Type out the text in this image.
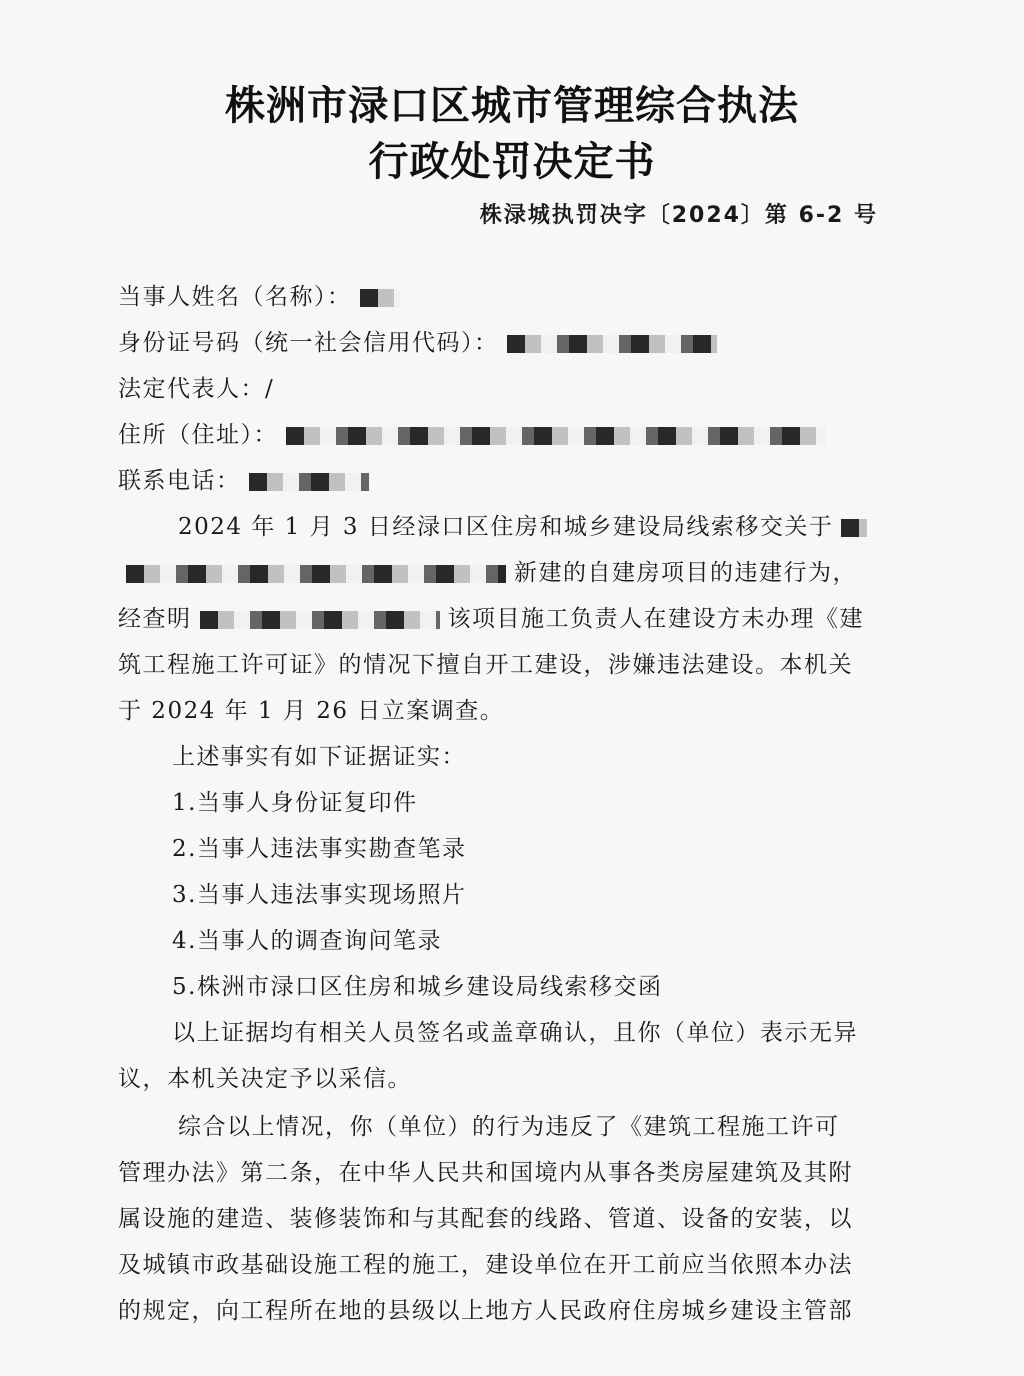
株洲市渌口区城市管理综合执法
行政处罚决定书
株渌城执罚决字〔2024〕第 6-2 号
当事人姓名（名称）：
身份证号码（统一社会信用代码）：
法定代表人：/
住所（住址）：
联系电话：
2024 年 1 月 3 日经渌口区住房和城乡建设局线索移交关于
新建的自建房项目的违建行为，
经查明	该项目施工负责人在建设方未办理《建
筑工程施工许可证》的情况下擅自开工建设，涉嫌违法建设。本机关
于 2024 年 1 月 26 日立案调查。
上述事实有如下证据证实：
1.当事人身份证复印件
2.当事人违法事实勘查笔录
3.当事人违法事实现场照片
4.当事人的调查询问笔录
5.株洲市渌口区住房和城乡建设局线索移交函
以上证据均有相关人员签名或盖章确认，且你（单位）表示无异
议，本机关决定予以采信。
综合以上情况，你（单位）的行为违反了《建筑工程施工许可
管理办法》第二条，在中华人民共和国境内从事各类房屋建筑及其附
属设施的建造、装修装饰和与其配套的线路、管道、设备的安装，以
及城镇市政基础设施工程的施工，建设单位在开工前应当依照本办法
的规定，向工程所在地的县级以上地方人民政府住房城乡建设主管部
